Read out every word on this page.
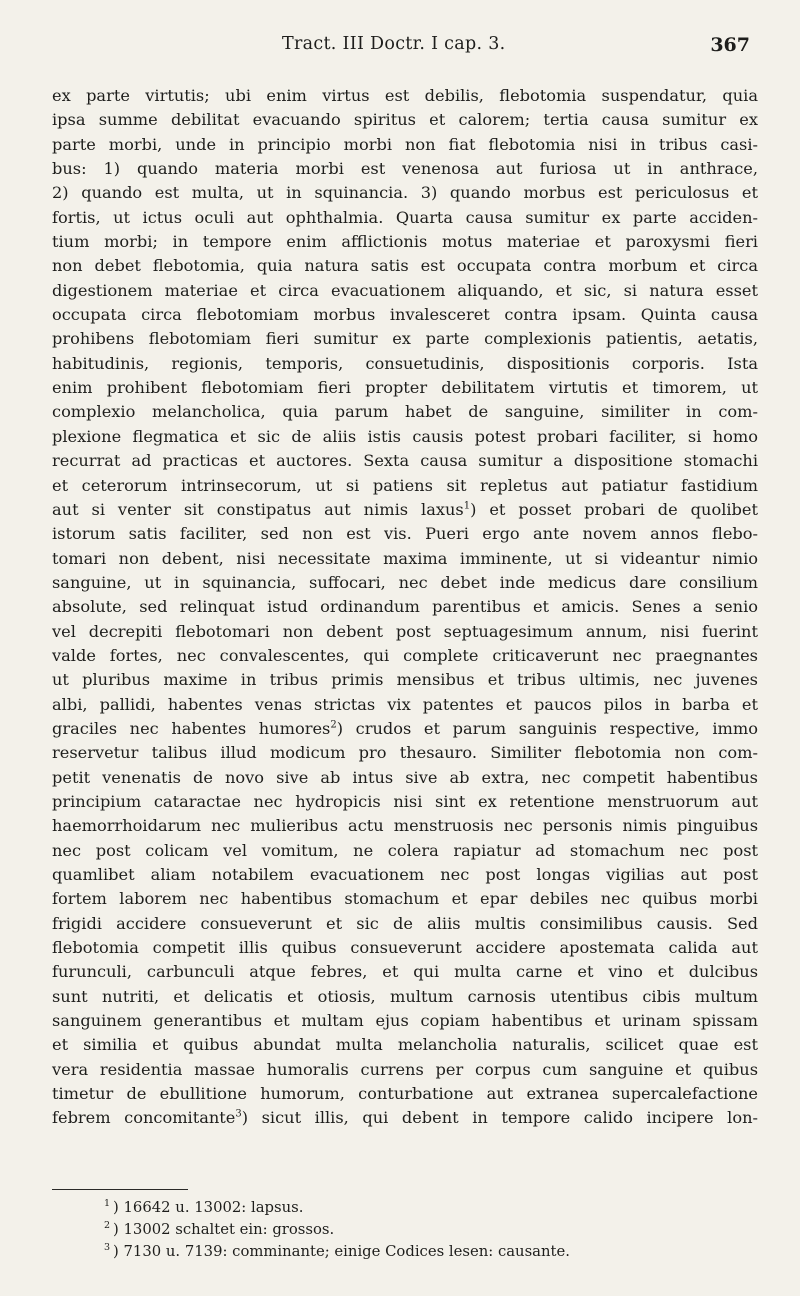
Tract. III Doctr. I cap. 3.	367
ex parte virtutis; ubi enim virtus est debilis, flebotomia suspendatur, quia
ipsa summe debilitat evacuando spiritus et calorem; tertia causa sumitur ex
parte morbi, unde in principio morbi non fiat flebotomia nisi in tribus casi-
bus: 1) quando materia morbi est venenosa aut furiosa ut in anthrace,
2) quando est multa, ut in squinancia. 3) quando morbus est periculosus et
fortis, ut ictus oculi aut ophthalmia. Quarta causa sumitur ex parte acciden-
tium morbi; in tempore enim afflictionis motus materiae et paroxysmi fieri
non debet flebotomia, quia natura satis est occupata contra morbum et circa
digestionem materiae et circa evacuationem aliquando, et sic, si natura esset
occupata circa flebotomiam morbus invalesceret contra ipsam. Quinta causa
prohibens flebotomiam fieri sumitur ex parte complexionis patientis, aetatis,
habitudinis, regionis, temporis, consuetudinis, dispositionis corporis. Ista
enim prohibent flebotomiam fieri propter debilitatem virtutis et timorem, ut
complexio melancholica, quia parum habet de sanguine, similiter in com-
plexione flegmatica et sic de aliis istis causis potest probari faciliter, si homo
recurrat ad practicas et auctores. Sexta causa sumitur a dispositione stomachi
et ceterorum intrinsecorum, ut si patiens sit repletus aut patiatur fastidium
aut si venter sit constipatus aut nimis laxus$^1$) et posset probari de quolibet
istorum satis faciliter, sed non est vis. Pueri ergo ante novem annos flebo-
tomari non debent, nisi necessitate maxima imminente, ut si videantur nimio
sanguine, ut in squinancia, suffocari, nec debet inde medicus dare consilium
absolute, sed relinquat istud ordinandum parentibus et amicis. Senes a senio
vel decrepiti flebotomari non debent post septuagesimum annum, nisi fuerint
valde fortes, nec convalescentes, qui complete criticaverunt nec praegnantes
ut pluribus maxime in tribus primis mensibus et tribus ultimis, nec juvenes
albi, pallidi, habentes venas strictas vix patentes et paucos pilos in barba et
graciles nec habentes humores$^2$) crudos et parum sanguinis respective, immo
reservetur talibus illud modicum pro thesauro. Similiter flebotomia non com-
petit venenatis de novo sive ab intus sive ab extra, nec competit habentibus
principium cataractae nec hydropicis nisi sint ex retentione menstruorum aut
haemorrhoidarum nec mulieribus actu menstruosis nec personis nimis pinguibus
nec post colicam vel vomitum, ne colera rapiatur ad stomachum nec post
quamlibet aliam notabilem evacuationem nec post longas vigilias aut post
fortem laborem nec habentibus stomachum et epar debiles nec quibus morbi
frigidi accidere consueverunt et sic de aliis multis consimilibus causis. Sed
flebotomia competit illis quibus consueverunt accidere apostemata calida aut
furunculi, carbunculi atque febres, et qui multa carne et vino et dulcibus
sunt nutriti, et delicatis et otiosis, multum carnosis utentibus cibis multum
sanguinem generantibus et multam ejus copiam habentibus et urinam spissam
et similia et quibus abundat multa melancholia naturalis, scilicet quae est
vera residentia massae humoralis currens per corpus cum sanguine et quibus
timetur de ebullitione humorum, conturbatione aut extranea supercalefactione
febrem concomitante$^3$) sicut illis, qui debent in tempore calido incipere lon-
$^1$ ) 16642 u. 13002: lapsus.
$^2$ ) 13002 schaltet ein: grossos.
$^3$ ) 7130 u. 7139: comminante; einige Codices lesen: causante.
